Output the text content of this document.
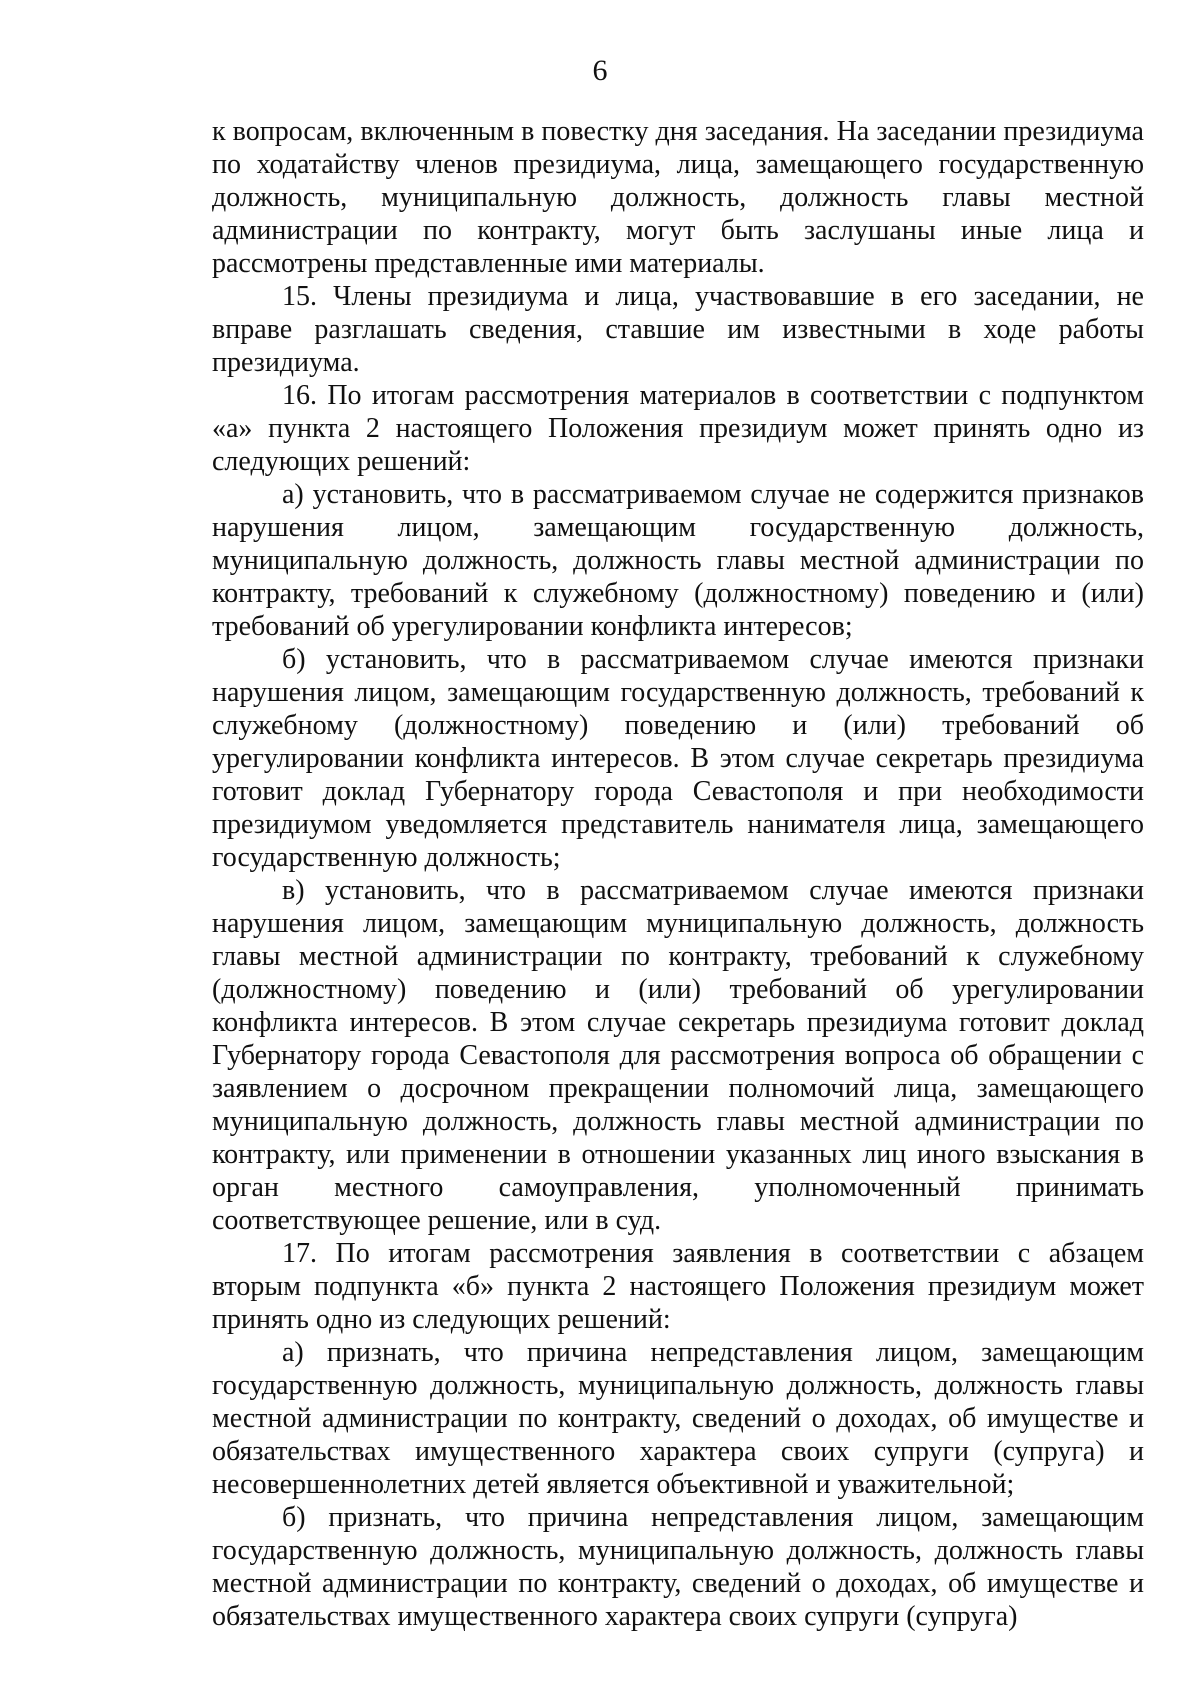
6

к вопросам, включенным в повестку дня заседания. На заседании президиума по ходатайству членов президиума, лица, замещающего государственную должность, муниципальную должность, должность главы местной администрации по контракту, могут быть заслушаны иные лица и рассмотрены представленные ими материалы.

15. Члены президиума и лица, участвовавшие в его заседании, не вправе разглашать сведения, ставшие им известными в ходе работы президиума.

16. По итогам рассмотрения материалов в соответствии с подпунктом «а» пункта 2 настоящего Положения президиум может принять одно из следующих решений:

а) установить, что в рассматриваемом случае не содержится признаков нарушения лицом, замещающим государственную должность, муниципальную должность, должность главы местной администрации по контракту, требований к служебному (должностному) поведению и (или) требований об урегулировании конфликта интересов;

б) установить, что в рассматриваемом случае имеются признаки нарушения лицом, замещающим государственную должность, требований к служебному (должностному) поведению и (или) требований об урегулировании конфликта интересов. В этом случае секретарь президиума готовит доклад Губернатору города Севастополя и при необходимости президиумом уведомляется представитель нанимателя лица, замещающего государственную должность;

в) установить, что в рассматриваемом случае имеются признаки нарушения лицом, замещающим муниципальную должность, должность главы местной администрации по контракту, требований к служебному (должностному) поведению и (или) требований об урегулировании конфликта интересов. В этом случае секретарь президиума готовит доклад Губернатору города Севастополя для рассмотрения вопроса об обращении с заявлением о досрочном прекращении полномочий лица, замещающего муниципальную должность, должность главы местной администрации по контракту, или применении в отношении указанных лиц иного взыскания в орган местного самоуправления, уполномоченный принимать соответствующее решение, или в суд.

17. По итогам рассмотрения заявления в соответствии с абзацем вторым подпункта «б» пункта 2 настоящего Положения президиум может принять одно из следующих решений:

а) признать, что причина непредставления лицом, замещающим государственную должность, муниципальную должность, должность главы местной администрации по контракту, сведений о доходах, об имуществе и обязательствах имущественного характера своих супруги (супруга) и несовершеннолетних детей является объективной и уважительной;

б) признать, что причина непредставления лицом, замещающим государственную должность, муниципальную должность, должность главы местной администрации по контракту, сведений о доходах, об имуществе и обязательствах имущественного характера своих супруги (супруга)
